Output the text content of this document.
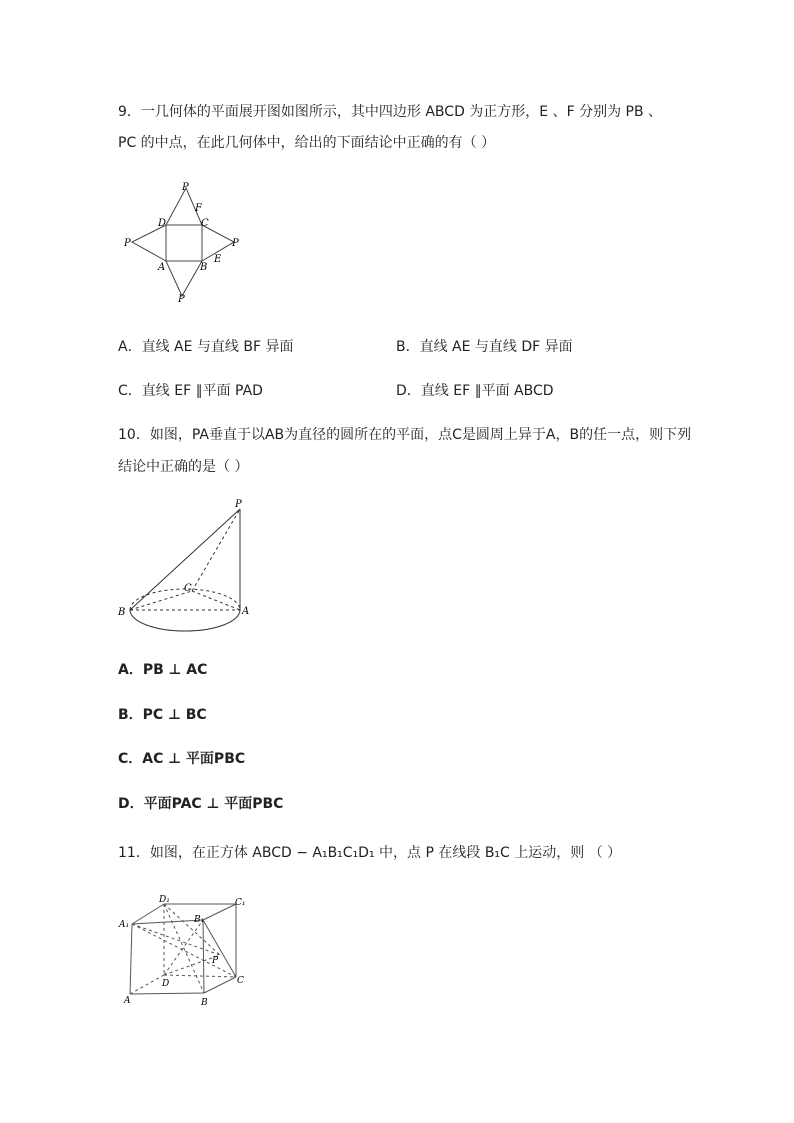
9．一几何体的平面展开图如图所示，其中四边形 ABCD 为正方形，E 、F 分别为 PB 、
PC 的中点，在此几何体中，给出的下面结论中正确的有（ ）
P
F
D	C
P	P
A	B
E
P
A．直线 AE 与直线 BF 异面	B．直线 AE 与直线 DF 异面
C．直线 EF ∥平面 PAD	D．直线 EF ∥平面 ABCD
10．如图，PA垂直于以AB为直径的圆所在的平面，点C是圆周上异于A，B的任一点，则下列
结论中正确的是（ ）
P
C
B	A
A．PB ⊥ AC
B．PC ⊥ BC
C．AC ⊥ 平面PBC
D．平面PAC ⊥ 平面PBC
11．如图，在正方体 ABCD − A₁B₁C₁D₁ 中，点 P 在线段 B₁C 上运动，则 （ ）
D₁	C₁
A₁	B₁
P
D	C
A	B
